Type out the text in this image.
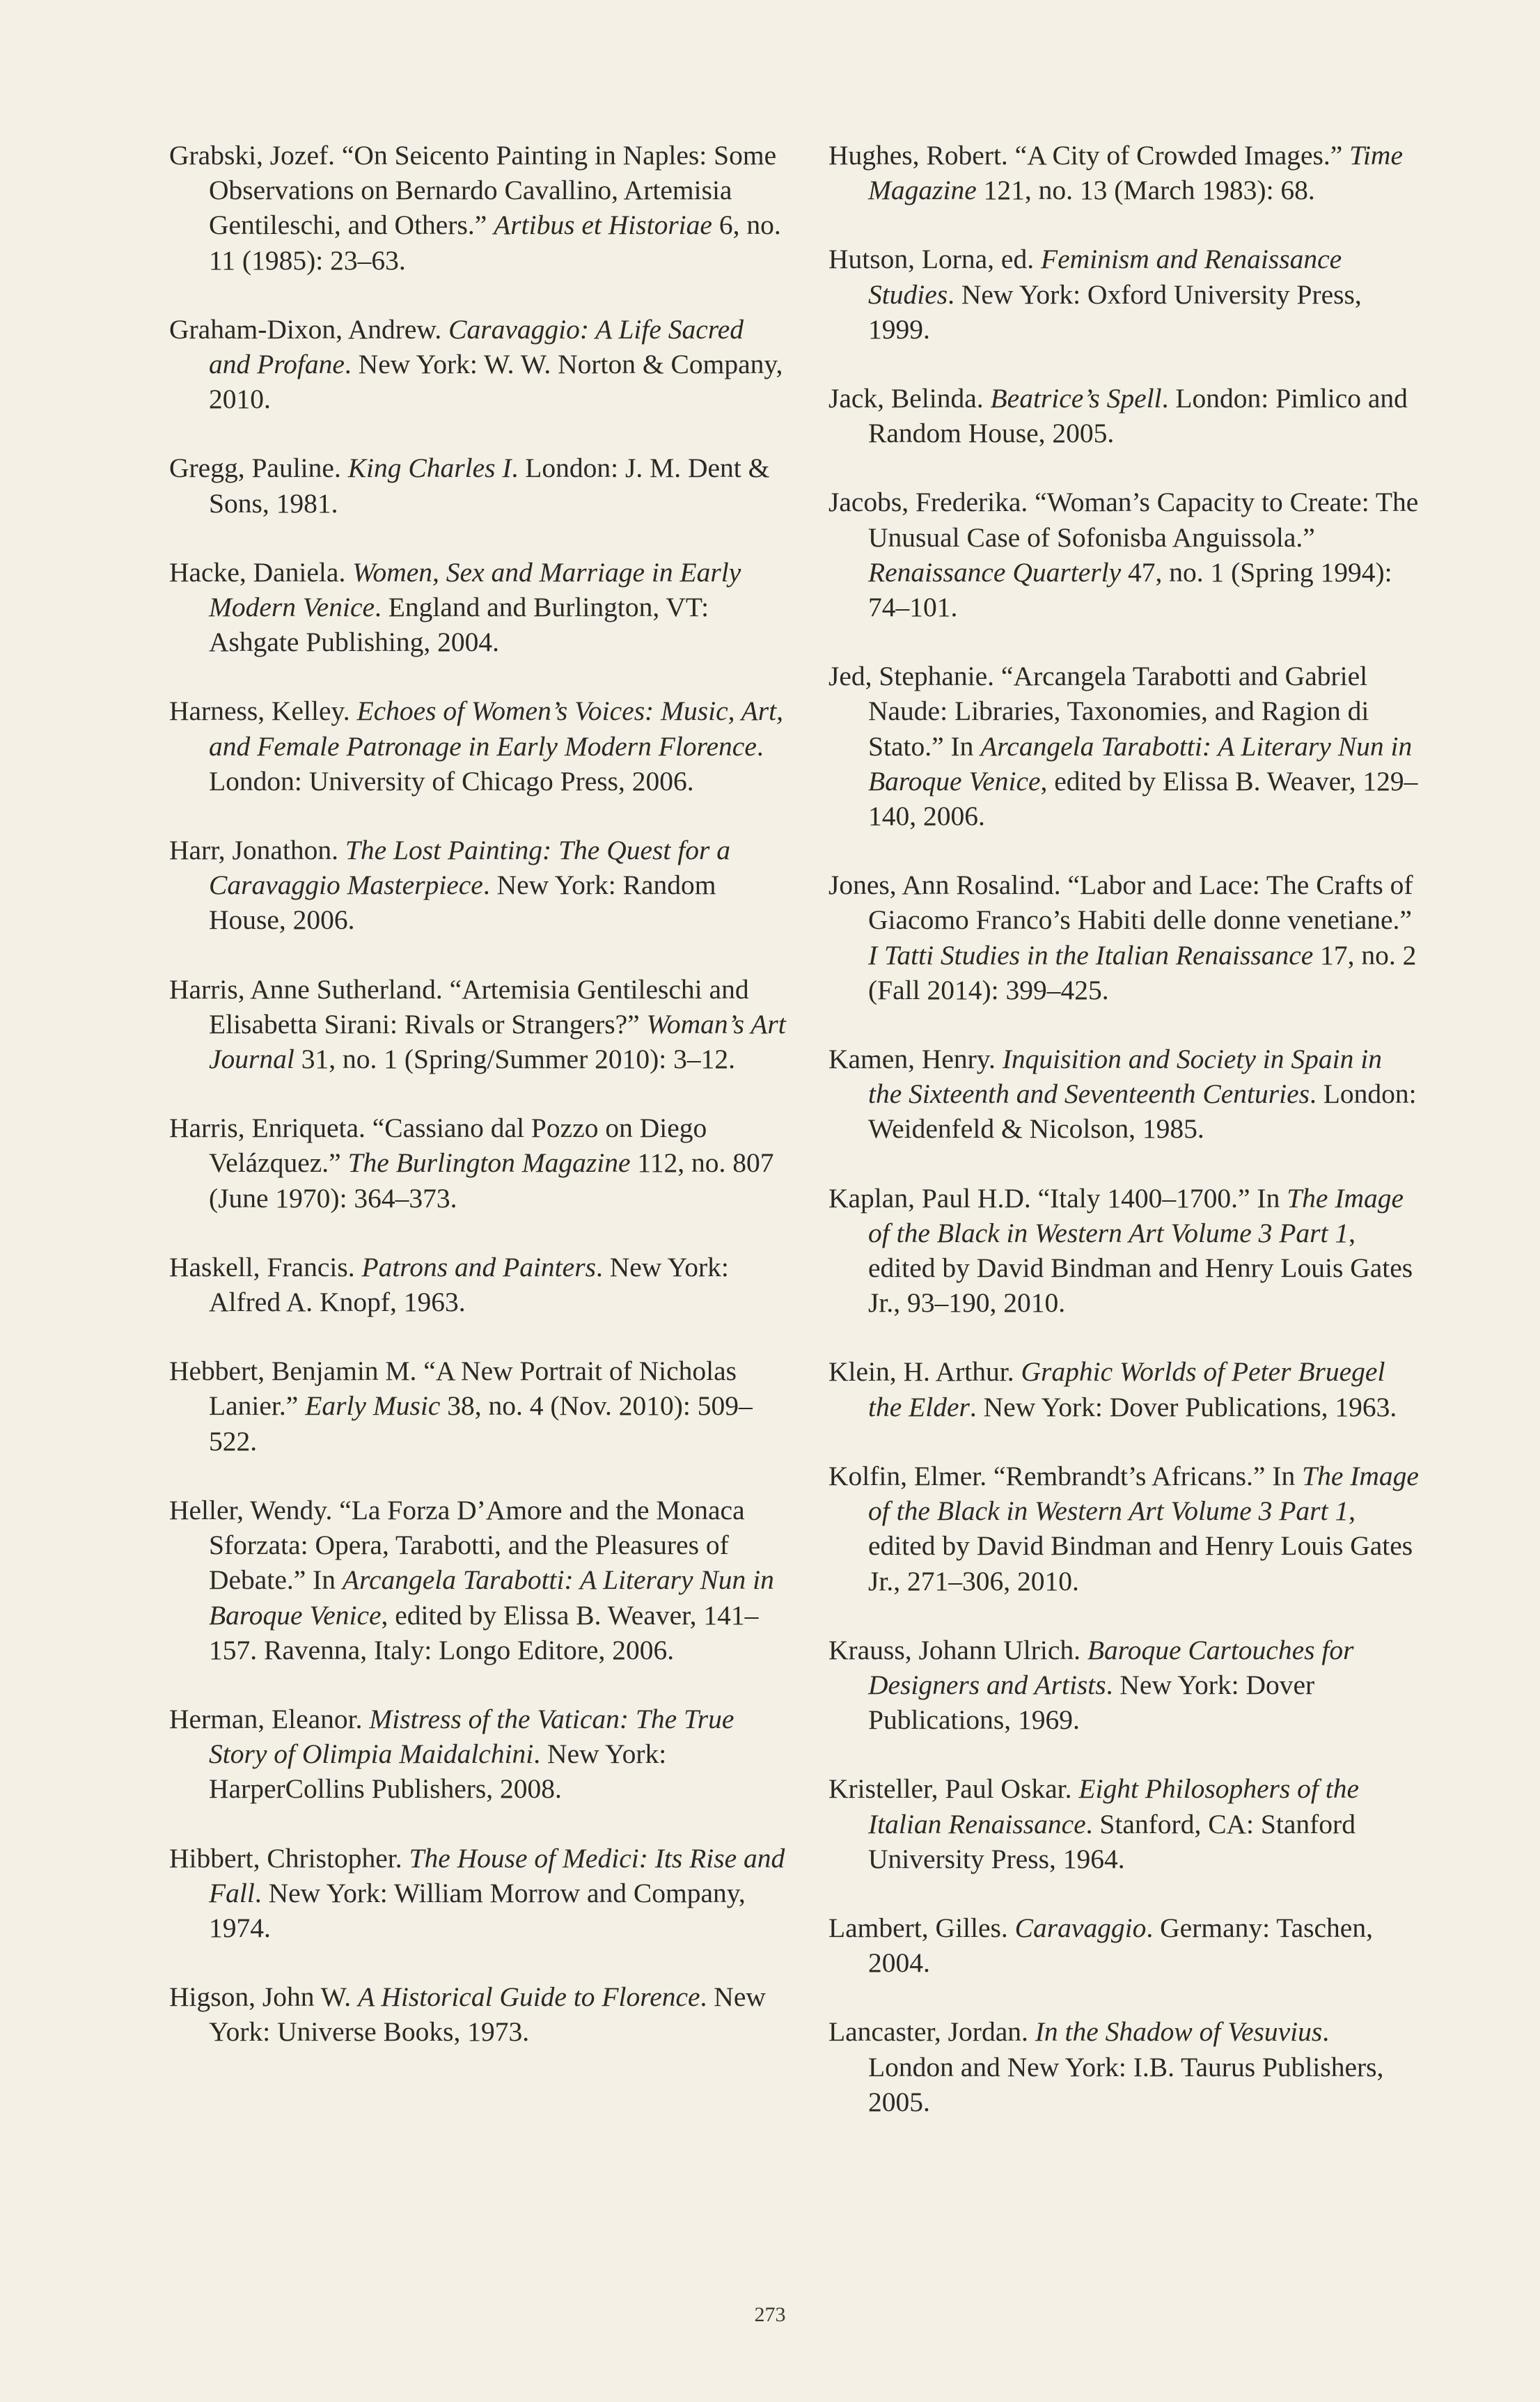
Grabski, Jozef. “On Seicento Painting in Naples: Some Observations on Bernardo Cavallino, Artemisia Gentileschi, and Others.” Artibus et Historiae 6, no. 11 (1985): 23–63.

Graham-Dixon, Andrew. Caravaggio: A Life Sacred and Profane. New York: W. W. Norton & Company, 2010.

Gregg, Pauline. King Charles I. London: J. M. Dent & Sons, 1981.

Hacke, Daniela. Women, Sex and Marriage in Early Modern Venice. England and Burlington, VT: Ashgate Publishing, 2004.

Harness, Kelley. Echoes of Women’s Voices: Music, Art, and Female Patronage in Early Modern Florence. London: University of Chicago Press, 2006.

Harr, Jonathon. The Lost Painting: The Quest for a Caravaggio Masterpiece. New York: Random House, 2006.

Harris, Anne Sutherland. “Artemisia Gentileschi and Elisabetta Sirani: Rivals or Strangers?” Woman’s Art Journal 31, no. 1 (Spring/Summer 2010): 3–12.

Harris, Enriqueta. “Cassiano dal Pozzo on Diego Velázquez.” The Burlington Magazine 112, no. 807 (June 1970): 364–373.

Haskell, Francis. Patrons and Painters. New York: Alfred A. Knopf, 1963.

Hebbert, Benjamin M. “A New Portrait of Nicholas Lanier.” Early Music 38, no. 4 (Nov. 2010): 509–522.

Heller, Wendy. “La Forza D’Amore and the Monaca Sforzata: Opera, Tarabotti, and the Pleasures of Debate.” In Arcangela Tarabotti: A Literary Nun in Baroque Venice, edited by Elissa B. Weaver, 141–157. Ravenna, Italy: Longo Editore, 2006.

Herman, Eleanor. Mistress of the Vatican: The True Story of Olimpia Maidalchini. New York: HarperCollins Publishers, 2008.

Hibbert, Christopher. The House of Medici: Its Rise and Fall. New York: William Morrow and Company, 1974.

Higson, John W. A Historical Guide to Florence. New York: Universe Books, 1973.

Hughes, Robert. “A City of Crowded Images.” Time Magazine 121, no. 13 (March 1983): 68.

Hutson, Lorna, ed. Feminism and Renaissance Studies. New York: Oxford University Press, 1999.

Jack, Belinda. Beatrice’s Spell. London: Pimlico and Random House, 2005.

Jacobs, Frederika. “Woman’s Capacity to Create: The Unusual Case of Sofonisba Anguissola.” Renaissance Quarterly 47, no. 1 (Spring 1994): 74–101.

Jed, Stephanie. “Arcangela Tarabotti and Gabriel Naude: Libraries, Taxonomies, and Ragion di Stato.” In Arcangela Tarabotti: A Literary Nun in Baroque Venice, edited by Elissa B. Weaver, 129–140, 2006.

Jones, Ann Rosalind. “Labor and Lace: The Crafts of Giacomo Franco’s Habiti delle donne venetiane.” I Tatti Studies in the Italian Renaissance 17, no. 2 (Fall 2014): 399–425.

Kamen, Henry. Inquisition and Society in Spain in the Sixteenth and Seventeenth Centuries. London: Weidenfeld & Nicolson, 1985.

Kaplan, Paul H.D. “Italy 1400–1700.” In The Image of the Black in Western Art Volume 3 Part 1, edited by David Bindman and Henry Louis Gates Jr., 93–190, 2010.

Klein, H. Arthur. Graphic Worlds of Peter Bruegel the Elder. New York: Dover Publications, 1963.

Kolfin, Elmer. “Rembrandt’s Africans.” In The Image of the Black in Western Art Volume 3 Part 1, edited by David Bindman and Henry Louis Gates Jr., 271–306, 2010.

Krauss, Johann Ulrich. Baroque Cartouches for Designers and Artists. New York: Dover Publications, 1969.

Kristeller, Paul Oskar. Eight Philosophers of the Italian Renaissance. Stanford, CA: Stanford University Press, 1964.

Lambert, Gilles. Caravaggio. Germany: Taschen, 2004.

Lancaster, Jordan. In the Shadow of Vesuvius. London and New York: I.B. Taurus Publishers, 2005.

273
